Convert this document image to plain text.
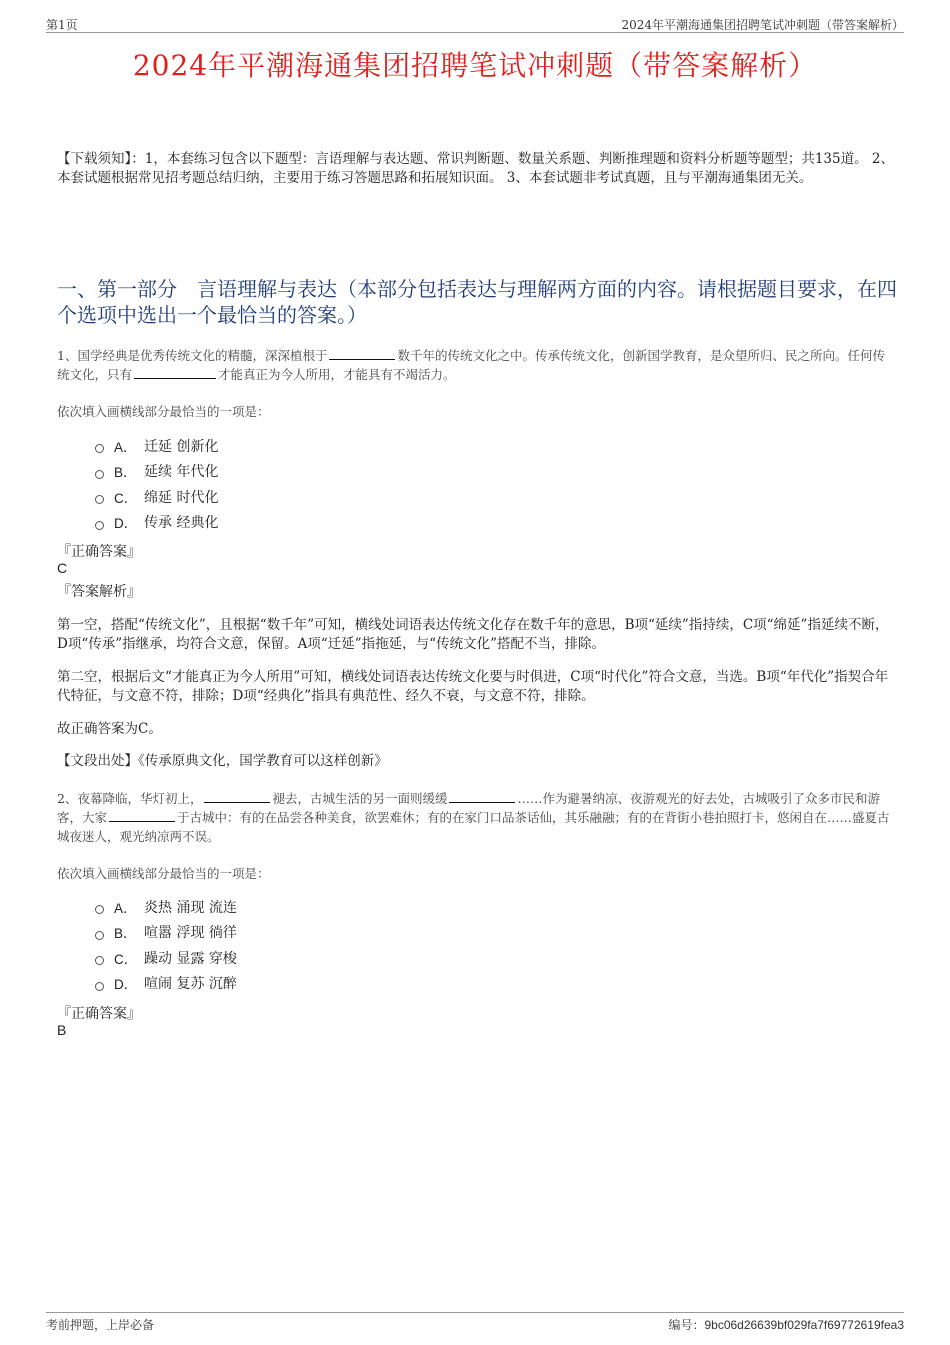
第1页	2024年平潮海通集团招聘笔试冲刺题（带答案解析）
2024年平潮海通集团招聘笔试冲刺题（带答案解析）
【下载须知】：1，本套练习包含以下题型：言语理解与表达题、常识判断题、数量关系题、判断推理题和资料分析题等题型；共135道。 2、本套试题根据常见招考题总结归纳，主要用于练习答题思路和拓展知识面。 3、本套试题非考试真题，且与平潮海通集团无关。
一、第一部分　言语理解与表达（本部分包括表达与理解两方面的内容。请根据题目要求，在四个选项中选出一个最恰当的答案。）
1、国学经典是优秀传统文化的精髓，深深植根于	数千年的传统文化之中。传承传统文化，创新国学教育，是众望所归、民之所向。任何传统文化，只有	才能真正为今人所用，才能具有不竭活力。
依次填入画横线部分最恰当的一项是：
A． 迁延 创新化
B． 延续 年代化
C． 绵延 时代化
D． 传承 经典化
『正确答案』
C
『答案解析』
第一空，搭配“传统文化”，且根据“数千年”可知，横线处词语表达传统文化存在数千年的意思，B项“延续”指持续，C项“绵延”指延续不断，D项“传承”指继承，均符合文意，保留。A项“迁延”指拖延，与“传统文化”搭配不当，排除。
第二空，根据后文“才能真正为今人所用”可知，横线处词语表达传统文化要与时俱进，C项“时代化”符合文意，当选。B项“年代化”指契合年代特征，与文意不符，排除；D项“经典化”指具有典范性、经久不衰，与文意不符，排除。
故正确答案为C。
【文段出处】《传承原典文化，国学教育可以这样创新》
2、夜幕降临，华灯初上，	褪去，古城生活的另一面则缓缓	……作为避暑纳凉、夜游观光的好去处，古城吸引了众多市民和游客，大家	于古城中：有的在品尝各种美食，欲罢难休；有的在家门口品茶话仙，其乐融融；有的在背街小巷拍照打卡，悠闲自在……盛夏古城夜迷人，观光纳凉两不误。
依次填入画横线部分最恰当的一项是：
A． 炎热 涌现 流连
B． 喧嚣 浮现 徜徉
C． 躁动 显露 穿梭
D． 喧闹 复苏 沉醉
『正确答案』
B
考前押题，上岸必备	编号：9bc06d26639bf029fa7f69772619fea3
